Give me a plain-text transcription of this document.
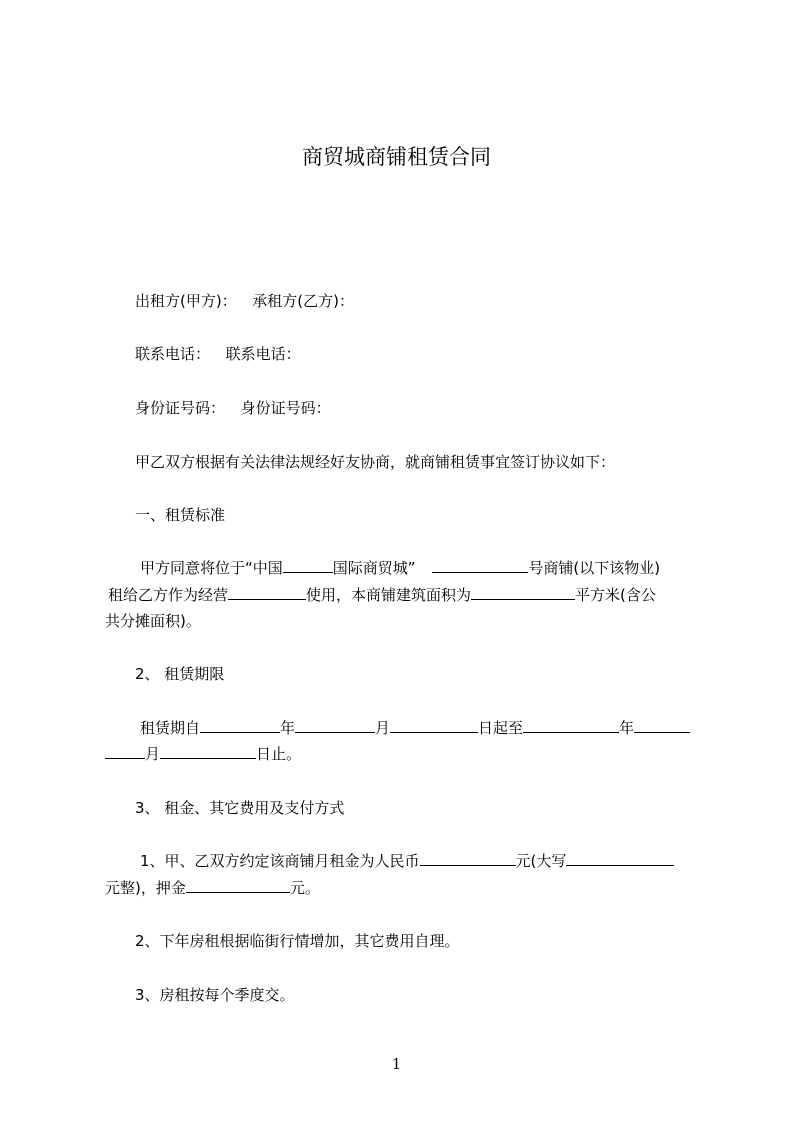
商贸城商铺租赁合同
出租方(甲方)： 承租方(乙方)：
联系电话： 联系电话：
身份证号码： 身份证号码：
甲乙双方根据有关法律法规经好友协商，就商铺租赁事宜签订协议如下：
一、租赁标准
甲方同意将位于“中国	国际商贸城”	号商铺(以下该物业)
租给乙方作为经营	使用，本商铺建筑面积为	平方米(含公
共分摊面积)。
2、 租赁期限
租赁期自	年	月	日起至	年
月	日止。
3、 租金、其它费用及支付方式
1、甲、乙双方约定该商铺月租金为人民币	元(大写
元整)，押金	元。
2、下年房租根据临街行情增加，其它费用自理。
3、房租按每个季度交。
1
